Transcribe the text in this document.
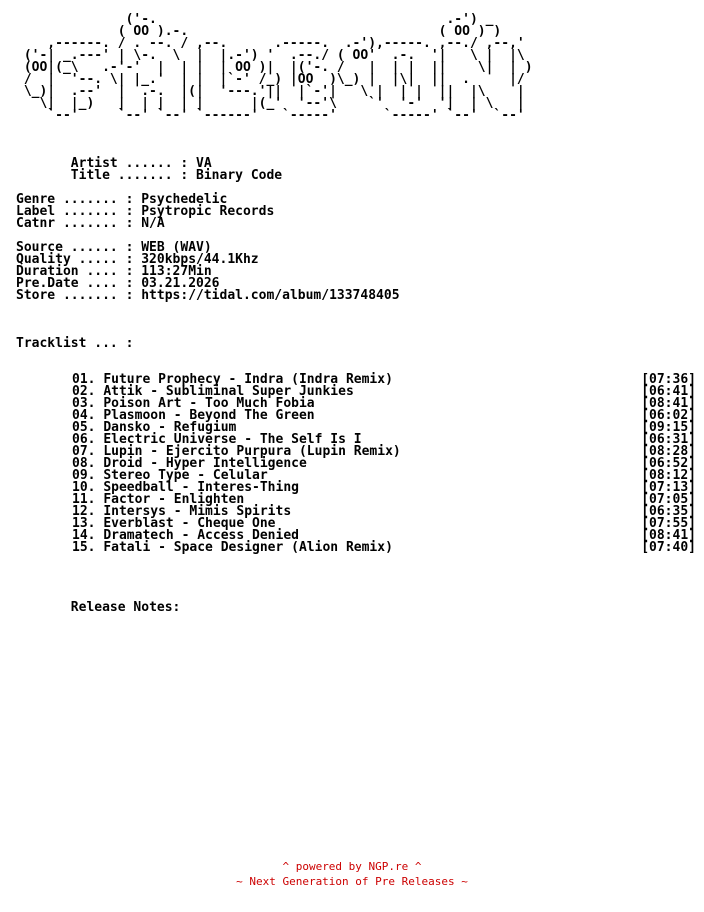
('-.                                     .-') _
( OO ).-.                                ( OO ) )
,------. / . --. / ,--.      .-----.  .-'),-----. ,--./ ,--,'
('-| _.---' | \-.  \  |  |.-') '  .--./ ( OO'  .-.  '|   \ |  |\
(OO|(_\   .-'-'  |  | |  | OO )|  |('-. /   |  | |  ||    \|  | )
/  |  '--. \| |_.'  | |  |`-' /_) |OO  )\_) |  |\|  ||  .     |/
\_)|  .--'  |  .-.  |(|  '---.'||  |`-'|   \ |  | |  ||  |\    |
\|  |_)   |  | |  | |      |(_'  '--'\    `'  '-'  '|  | \   |
`--'     `--' `--' `------'   `-----'      `-----' `--'  `--'
Artist ...... : VA
Title ....... : Binary Code
Genre ....... : Psychedelic
Label ....... : Psytropic Records
Catnr ....... : N/A
Source ...... : WEB (WAV)
Quality ..... : 320kbps/44.1Khz
Duration .... : 113:27Min
Pre.Date .... : 03.21.2026
Store ....... : https://tidal.com/album/133748405
Tracklist ... :
01. Future Prophecy - Indra (Indra Remix)	[07:36]
02. Attik - Subliminal Super Junkies	[06:41]
03. Poison Art - Too Much Fobia	[08:41]
04. Plasmoon - Beyond The Green	[06:02]
05. Dansko - Refugium	[09:15]
06. Electric Universe - The Self Is I	[06:31]
07. Lupin - Ejercito Purpura (Lupin Remix)	[08:28]
08. Droid - Hyper Intelligence	[06:52]
09. Stereo Type - Celular	[08:12]
10. Speedball - Interes-Thing	[07:13]
11. Factor - Enlighten	[07:05]
12. Intersys - Mimis Spirits	[06:35]
13. Everblast - Cheque One	[07:55]
14. Dramatech - Access Denied	[08:41]
15. Fatali - Space Designer (Alion Remix)	[07:40]
Release Notes:
^ powered by NGP.re ^
~ Next Generation of Pre Releases ~
